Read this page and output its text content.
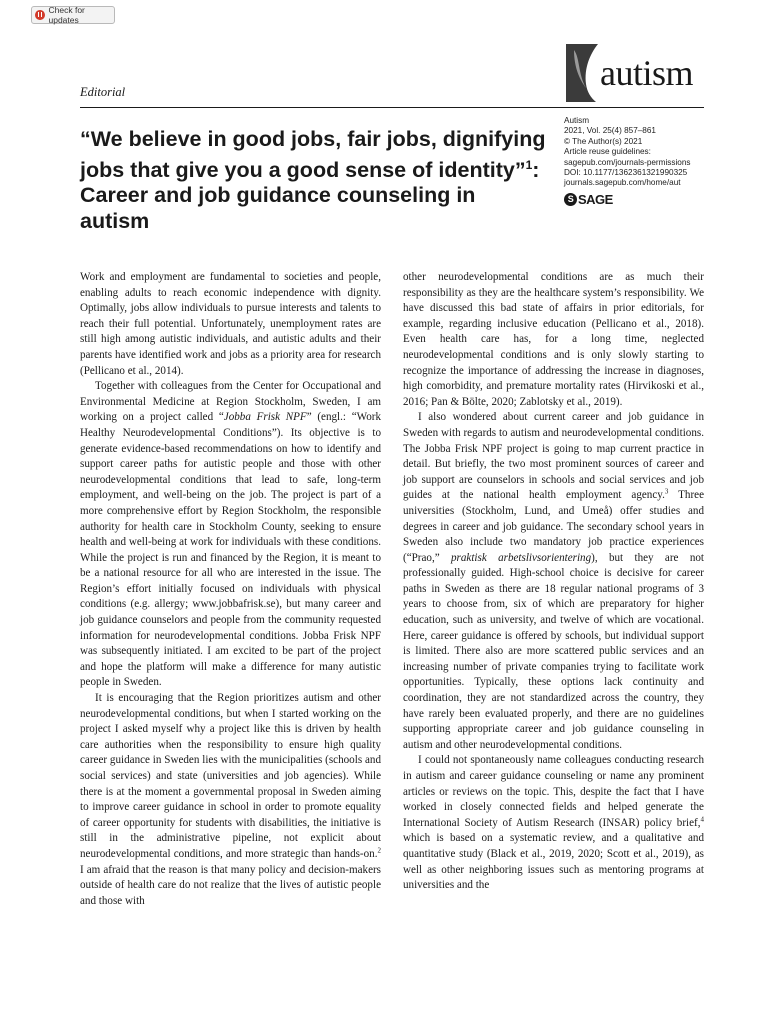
Check for updates
Editorial	autism
Autism
2021, Vol. 25(4) 857–861
© The Author(s) 2021
Article reuse guidelines:
sagepub.com/journals-permissions
DOI: 10.1177/1362361321990325
journals.sagepub.com/home/aut
S SAGE
“We believe in good jobs, fair jobs, dignifying jobs that give you a good sense of identity”$^1$: Career and job guidance counseling in autism

Work and employment are fundamental to societies and people, enabling adults to reach economic independence with dignity. Optimally, jobs allow individuals to pursue interests and talents to reach their full potential. Unfortunately, unemployment rates are still high among autistic individuals, and autistic adults and their parents have identified work and jobs as a priority area for research (Pellicano et al., 2014).

Together with colleagues from the Center for Occupational and Environmental Medicine at Region Stockholm, Sweden, I am working on a project called “Jobba Frisk NPF” (engl.: “Work Healthy Neurodevelopmental Conditions”). Its objective is to generate evidence-based recommendations on how to identify and support career paths for autistic people and those with other neurodevelopmental conditions that lead to safe, long-term employment, and well-being on the job. The project is part of a more comprehensive effort by Region Stockholm, the responsible authority for health care in Stockholm County, seeking to ensure health and well-being at work for individuals with these conditions. While the project is run and financed by the Region, it is meant to be a national resource for all who are interested in the issue. The Region’s effort initially focused on individuals with physical conditions (e.g. allergy; www.jobbafrisk.se), but many career and job guidance counselors and people from the community requested information for neurodevelopmental conditions. Jobba Frisk NPF was subsequently initiated. I am excited to be part of the project and hope the platform will make a difference for many autistic people in Sweden.

It is encouraging that the Region prioritizes autism and other neurodevelopmental conditions, but when I started working on the project I asked myself why a project like this is driven by health care authorities when the responsibility to ensure high quality career guidance in Sweden lies with the municipalities (schools and social services) and state (universities and job agencies). While there is at the moment a governmental proposal in Sweden aiming to improve career guidance in school in order to promote equality of career opportunity for students with disabilities, the initiative is still in the administrative pipeline, not explicit about neurodevelopmental conditions, and more strategic than hands-on.$^2$ I am afraid that the reason is that many policy and decision-makers outside of health care do not realize that the lives of autistic people and those with

other neurodevelopmental conditions are as much their responsibility as they are the healthcare system’s responsibility. We have discussed this bad state of affairs in prior editorials, for example, regarding inclusive education (Pellicano et al., 2018). Even health care has, for a long time, neglected neurodevelopmental conditions and is only slowly starting to recognize the importance of addressing the increase in diagnoses, high comorbidity, and premature mortality rates (Hirvikoski et al., 2016; Pan & Bölte, 2020; Zablotsky et al., 2019).

I also wondered about current career and job guidance in Sweden with regards to autism and neurodevelopmental conditions. The Jobba Frisk NPF project is going to map current practice in detail. But briefly, the two most prominent sources of career and job support are counselors in schools and social services and job guides at the national health employment agency.$^3$ Three universities (Stockholm, Lund, and Umeå) offer studies and degrees in career and job guidance. The secondary school years in Sweden also include two mandatory job practice experiences (“Prao,” praktisk arbetslivsorientering), but they are not professionally guided. High-school choice is decisive for career paths in Sweden as there are 18 regular national programs of 3 years to choose from, six of which are preparatory for higher education, such as university, and twelve of which are vocational. Here, career guidance is offered by schools, but individual support is limited. There also are more scattered public services and an increasing number of private companies trying to facilitate work opportunities. Typically, these options lack continuity and coordination, they are not standardized across the country, they have rarely been evaluated properly, and there are no guidelines supporting appropriate career and job guidance counseling in autism and other neurodevelopmental conditions.

I could not spontaneously name colleagues conducting research in autism and career guidance counseling or name any prominent articles or reviews on the topic. This, despite the fact that I have worked in closely connected fields and helped generate the International Society of Autism Research (INSAR) policy brief,$^4$ which is based on a systematic review, and a qualitative and quantitative study (Black et al., 2019, 2020; Scott et al., 2019), as well as other neighboring issues such as mentoring programs at universities and the
